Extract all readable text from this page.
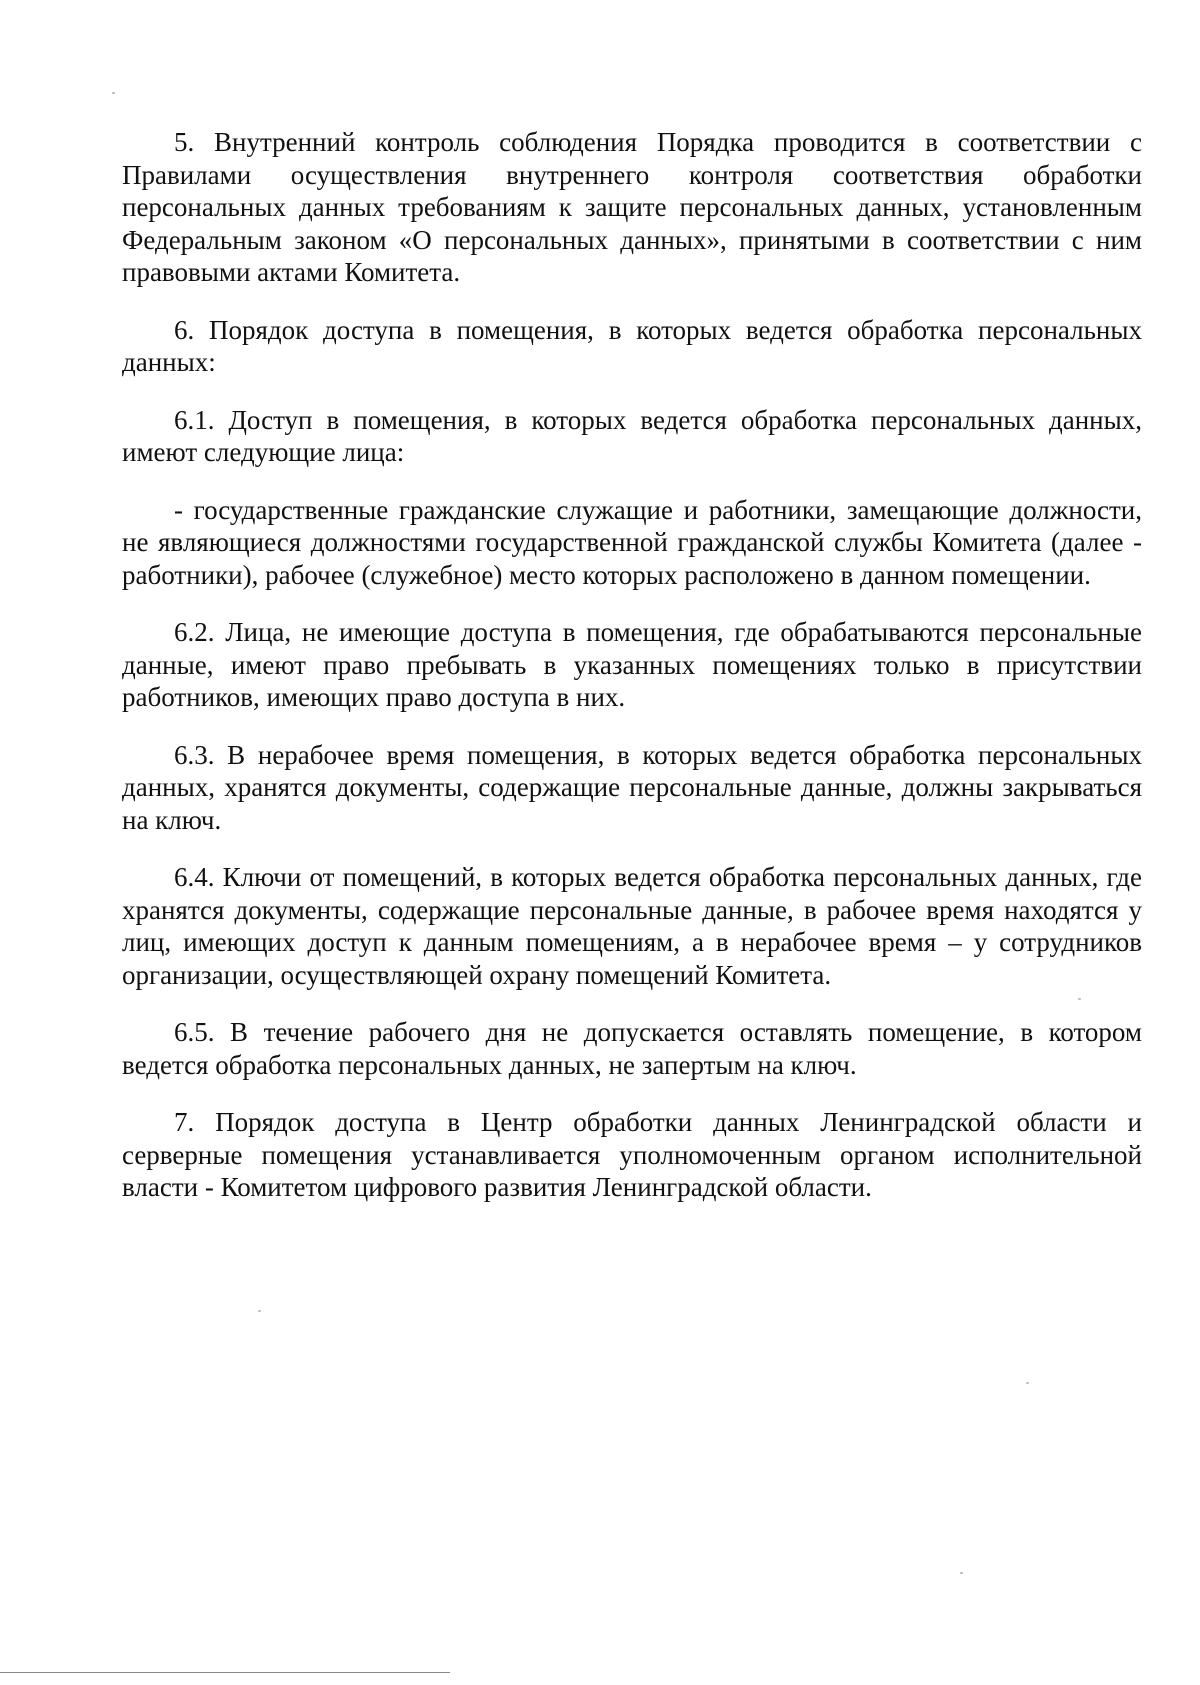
5. Внутренний контроль соблюдения Порядка проводится в соответствии с Правилами осуществления внутреннего контроля соответствия обработки персональных данных требованиям к защите персональных данных, установленным Федеральным законом «О персональных данных», принятыми в соответствии с ним правовыми актами Комитета.

6. Порядок доступа в помещения, в которых ведется обработка персональных данных:

6.1. Доступ в помещения, в которых ведется обработка персональных данных, имеют следующие лица:

- государственные гражданские служащие и работники, замещающие должности, не являющиеся должностями государственной гражданской службы Комитета (далее - работники), рабочее (служебное) место которых расположено в данном помещении.

6.2. Лица, не имеющие доступа в помещения, где обрабатываются персональные данные, имеют право пребывать в указанных помещениях только в присутствии работников, имеющих право доступа в них.

6.3. В нерабочее время помещения, в которых ведется обработка персональных данных, хранятся документы, содержащие персональные данные, должны закрываться на ключ.

6.4. Ключи от помещений, в которых ведется обработка персональных данных, где хранятся документы, содержащие персональные данные, в рабочее время находятся у лиц, имеющих доступ к данным помещениям, а в нерабочее время – у сотрудников организации, осуществляющей охрану помещений Комитета.

6.5. В течение рабочего дня не допускается оставлять помещение, в котором ведется обработка персональных данных, не запертым на ключ.

7. Порядок доступа в Центр обработки данных Ленинградской области и серверные помещения устанавливается уполномоченным органом исполнительной власти - Комитетом цифрового развития Ленинградской области.
